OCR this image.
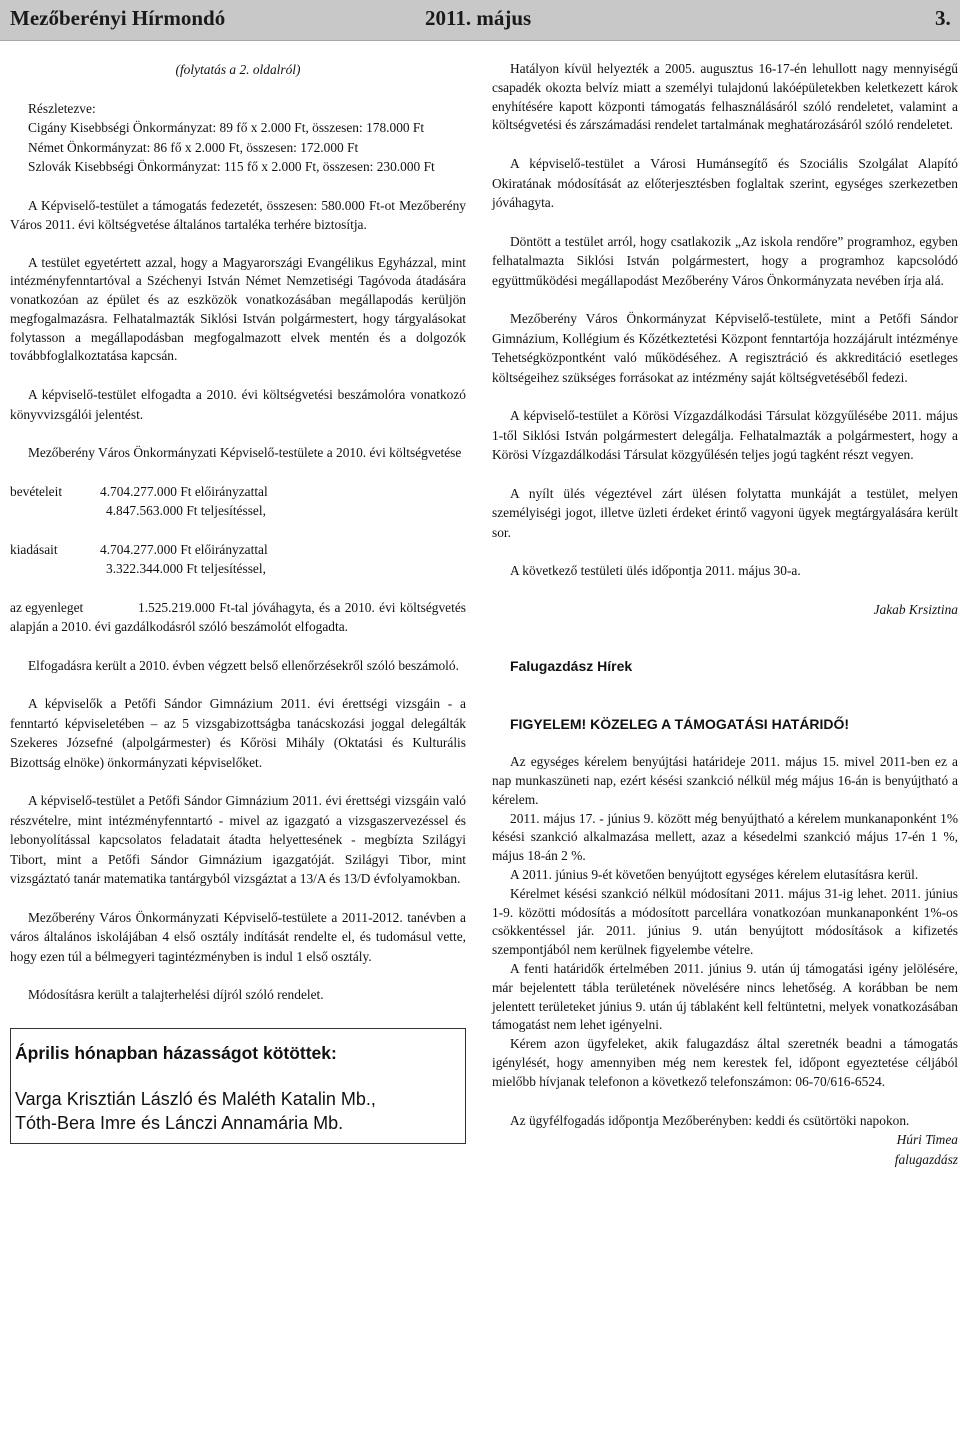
Mezőberényi Hírmondó	2011. május	3.

(folytatás a 2. oldalról)

Részletezve:

Cigány Kisebbségi Önkormányzat: 89 fő x 2.000 Ft, összesen: 178.000 Ft

Német Önkormányzat: 86 fő x 2.000 Ft, összesen: 172.000 Ft

Szlovák Kisebbségi Önkormányzat: 115 fő x 2.000 Ft, összesen: 230.000 Ft

A Képviselő-testület a támogatás fedezetét, összesen: 580.000 Ft-ot Mezőberény Város 2011. évi költségvetése általános tartaléka terhére biztosítja.

A testület egyetértett azzal, hogy a Magyarországi Evangélikus Egyházzal, mint intézményfenntartóval a Széchenyi István Német Nemzetiségi Tagóvoda átadására vonatkozóan az épület és az eszközök vonatkozásában megállapodás kerüljön megfogalmazásra. Felhatalmazták Siklósi István polgármestert, hogy tárgyalásokat folytasson a megállapodásban megfogalmazott elvek mentén és a dolgozók továbbfoglalkoztatása kapcsán.

A képviselő-testület elfogadta a 2010. évi költségvetési beszámolóra vonatkozó könyvvizsgálói jelentést.

Mezőberény Város Önkormányzati Képviselő-testülete a 2010. évi költségvetése

bevételeit	4.704.277.000 Ft előirányzattal
4.847.563.000 Ft teljesítéssel,
kiadásait	4.704.277.000 Ft előirányzattal
3.322.344.000 Ft teljesítéssel,

az egyenleget	1.525.219.000 Ft-tal jóváhagyta, és a 2010. évi költségvetés alapján a 2010. évi gazdálkodásról szóló beszámolót elfogadta.

Elfogadásra került a 2010. évben végzett belső ellenőrzésekről szóló beszámoló.

A képviselők a Petőfi Sándor Gimnázium 2011. évi érettségi vizsgáin - a fenntartó képviseletében – az 5 vizsgabizottságba tanácskozási joggal delegálták Szekeres Józsefné (alpolgármester) és Kőrösi Mihály (Oktatási és Kulturális Bizottság elnöke) önkormányzati képviselőket.

A képviselő-testület a Petőfi Sándor Gimnázium 2011. évi érettségi vizsgáin való részvételre, mint intézményfenntartó - mivel az igazgató a vizsgaszervezéssel és lebonyolítással kapcsolatos feladatait átadta helyettesének - megbízta Szilágyi Tibort, mint a Petőfi Sándor Gimnázium igazgatóját. Szilágyi Tibor, mint vizsgáztató tanár matematika tantárgyból vizsgáztat a 13/A és 13/D évfolyamokban.

Mezőberény Város Önkormányzati Képviselő-testülete a 2011-2012. tanévben a város általános iskolájában 4 első osztály indítását rendelte el, és tudomásul vette, hogy ezen túl a bélmegyeri tagintézményben is indul 1 első osztály.

Módosításra került a talajterhelési díjról szóló rendelet.

Április hónapban házasságot kötöttek:
Varga Krisztián László és Maléth Katalin Mb.,
Tóth-Bera Imre és Lánczi Annamária Mb.

Hatályon kívül helyezték a 2005. augusztus 16-17-én lehullott nagy mennyiségű csapadék okozta belvíz miatt a személyi tulajdonú lakóépületekben keletkezett károk enyhítésére kapott központi támogatás felhasználásáról szóló rendeletet, valamint a költségvetési és zárszámadási rendelet tartalmának meghatározásáról szóló rendeletet.

A képviselő-testület a Városi Humánsegítő és Szociális Szolgálat Alapító Okiratának módosítását az előterjesztésben foglaltak szerint, egységes szerkezetben jóváhagyta.

Döntött a testület arról, hogy csatlakozik „Az iskola rendőre” programhoz, egyben felhatalmazta Siklósi István polgármestert, hogy a programhoz kapcsolódó együttműködési megállapodást Mezőberény Város Önkormányzata nevében írja alá.

Mezőberény Város Önkormányzat Képviselő-testülete, mint a Petőfi Sándor Gimnázium, Kollégium és Kőzétkeztetési Központ fenntartója hozzájárult intézménye Tehetségközpontként való működéséhez. A regisztráció és akkreditáció esetleges költségeihez szükséges forrásokat az intézmény saját költségvetéséből fedezi.

A képviselő-testület a Körösi Vízgazdálkodási Társulat közgyűlésébe 2011. május 1-től Siklósi István polgármestert delegálja. Felhatalmazták a polgármestert, hogy a Körösi Vízgazdálkodási Társulat közgyűlésén teljes jogú tagként részt vegyen.

A nyílt ülés végeztével zárt ülésen folytatta munkáját a testület, melyen személyiségi jogot, illetve üzleti érdeket érintő vagyoni ügyek megtárgyalására került sor.

A következő testületi ülés időpontja 2011. május 30-a.

Jakab Krsiztina

Falugazdász Hírek

FIGYELEM! KÖZELEG A TÁMOGATÁSI HATÁRIDŐ!

Az egységes kérelem benyújtási határideje 2011. május 15. mivel 2011-ben ez a nap munkaszüneti nap, ezért késési szankció nélkül még május 16-án is benyújtható a kérelem.

2011. május 17. - június 9. között még benyújtható a kérelem munkanaponként 1% késési szankció alkalmazása mellett, azaz a késedelmi szankció május 17-én 1 %, május 18-án 2 %.

A 2011. június 9-ét követően benyújtott egységes kérelem elutasításra kerül.

Kérelmet késési szankció nélkül módosítani 2011. május 31-ig lehet. 2011. június 1-9. közötti módosítás a módosított parcellára vonatkozóan munkanaponként 1%-os csökkentéssel jár. 2011. június 9. után benyújtott módosítások a kifizetés szempontjából nem kerülnek figyelembe vételre.

A fenti határidők értelmében 2011. június 9. után új támogatási igény jelölésére, már bejelentett tábla területének növelésére nincs lehetőség. A korábban be nem jelentett területeket június 9. után új táblaként kell feltüntetni, melyek vonatkozásában támogatást nem lehet igényelni.

Kérem azon ügyfeleket, akik falugazdász által szeretnék beadni a támogatás igénylését, hogy amennyiben még nem kerestek fel, időpont egyeztetése céljából mielőbb hívjanak telefonon a következő telefonszámon: 06-70/616-6524.

Az ügyfélfogadás időpontja Mezőberényben: keddi és csütörtöki napokon.

Húri Timea

falugazdász
